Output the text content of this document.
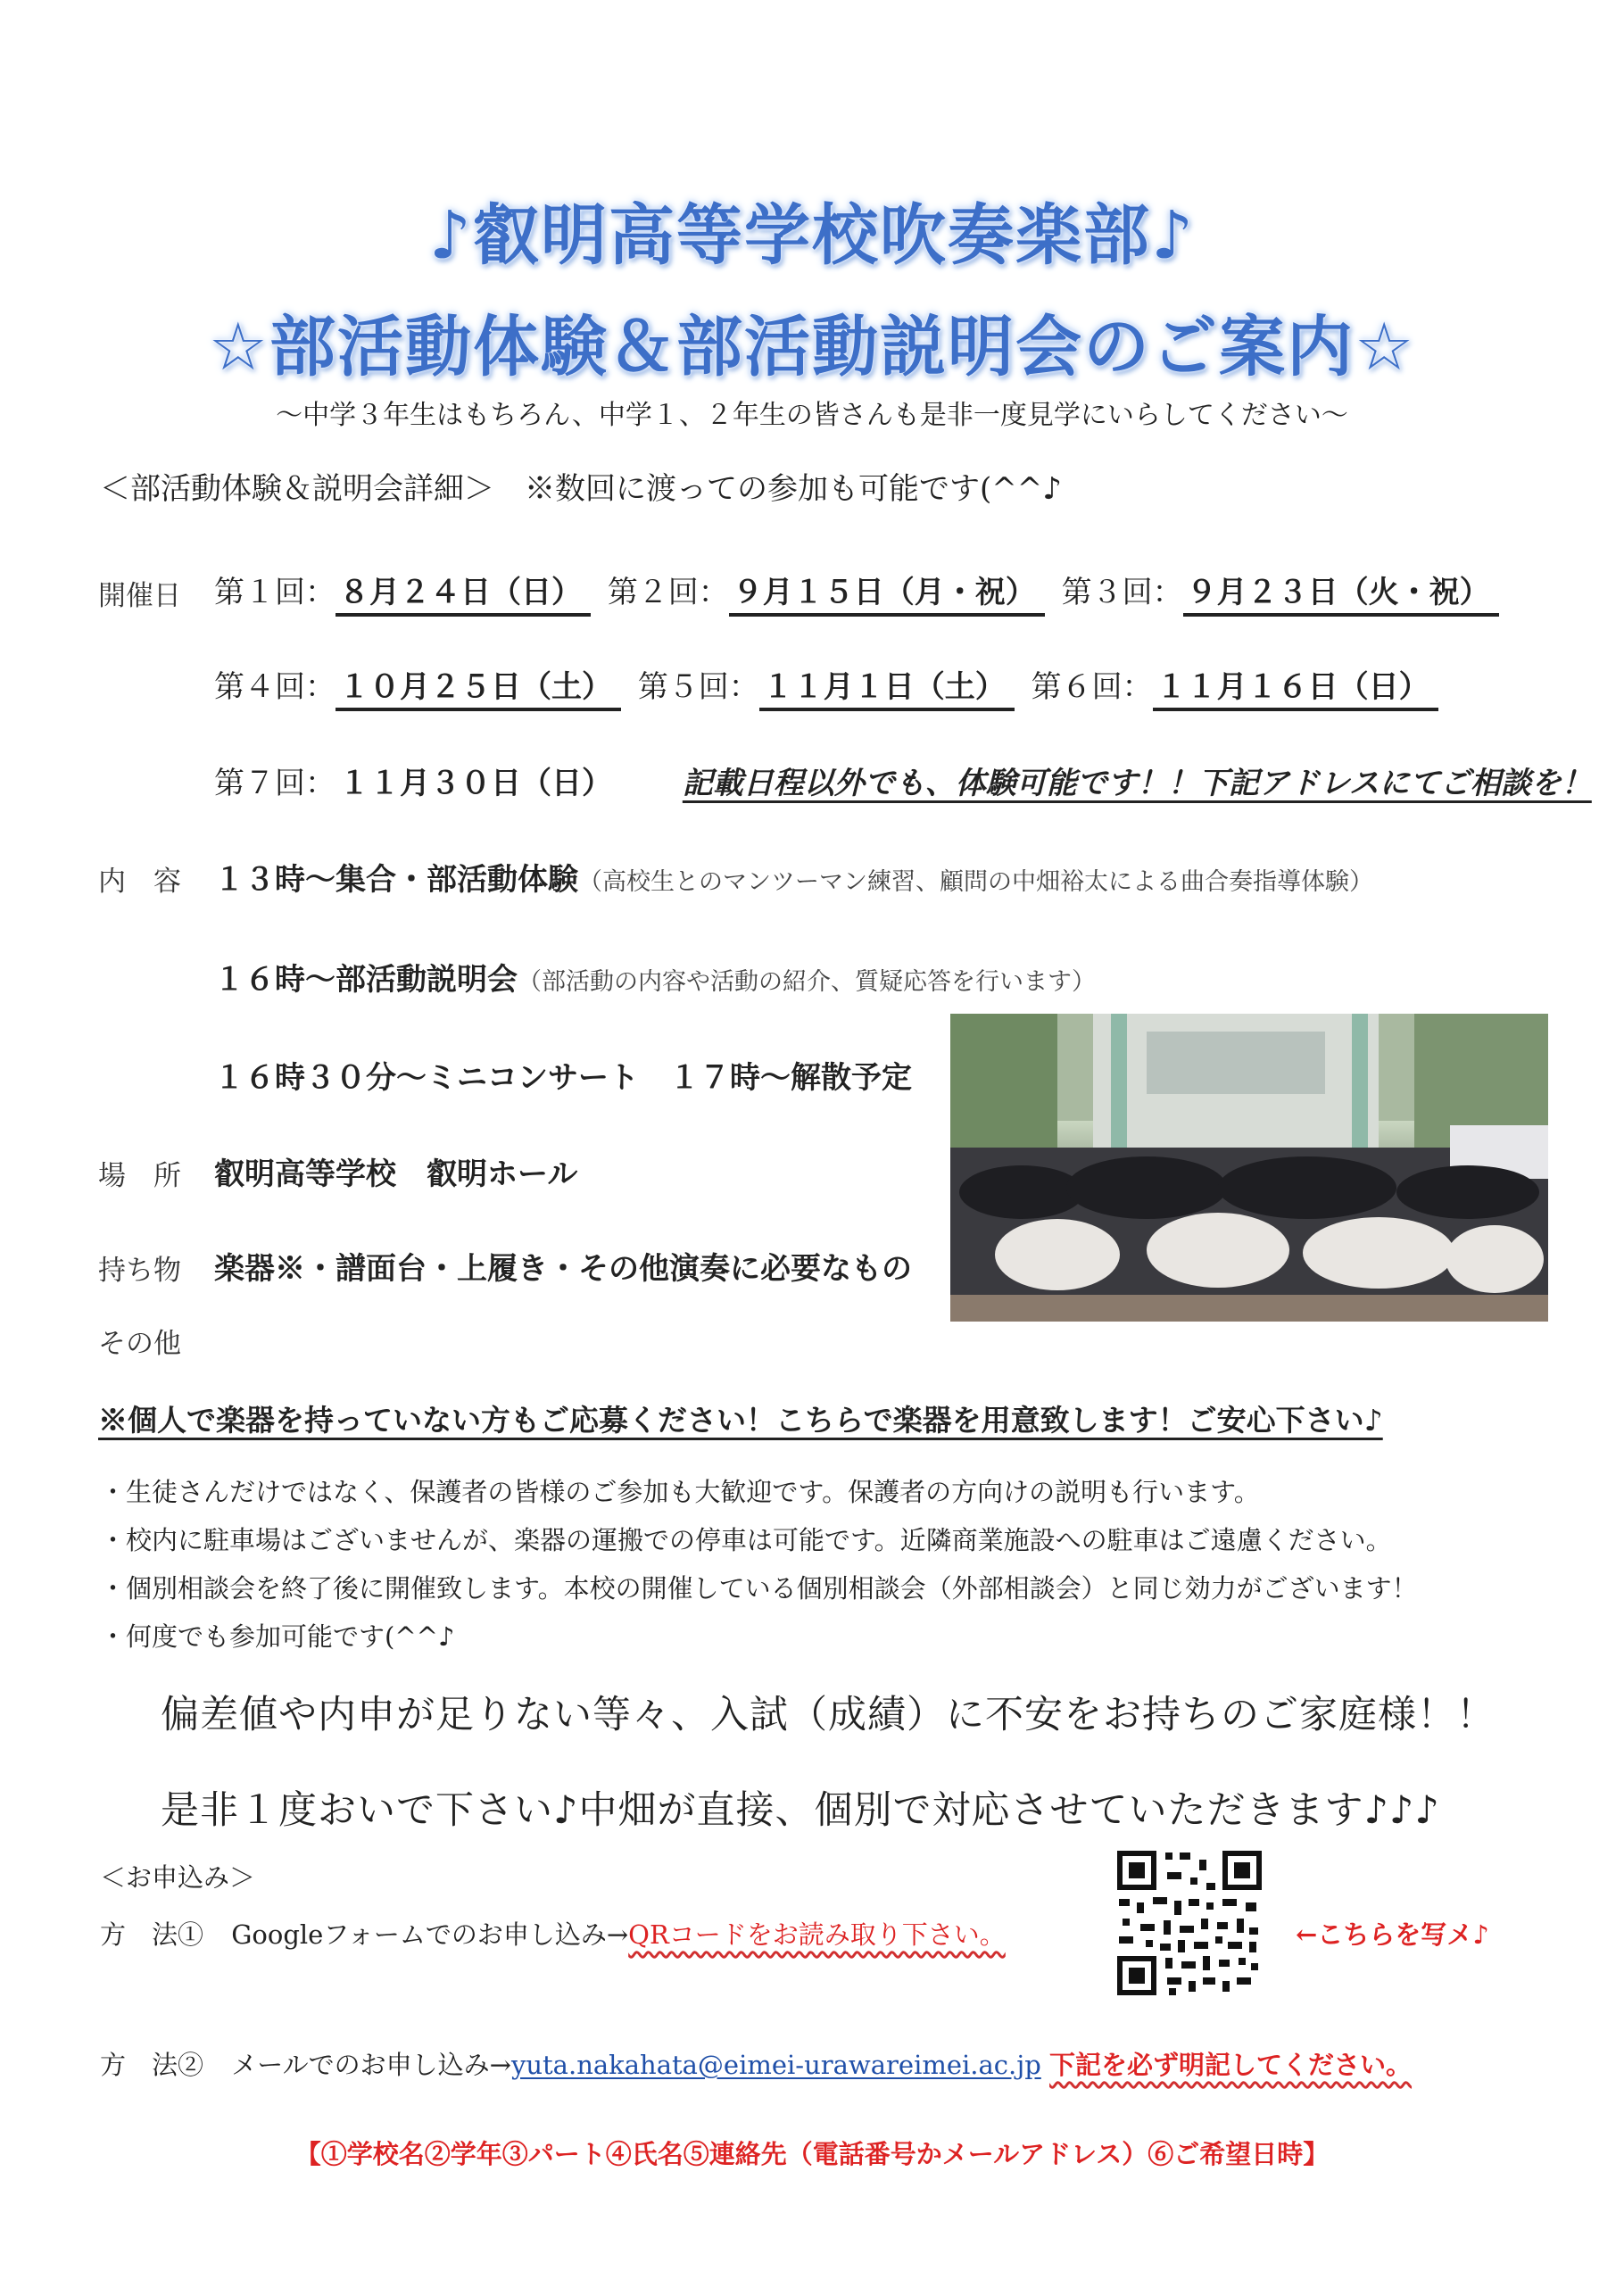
♪叡明高等学校吹奏楽部♪
☆部活動体験＆部活動説明会のご案内☆
～中学３年生はもちろん、中学１、２年生の皆さんも是非一度見学にいらしてください～
＜部活動体験＆説明会詳細＞　※数回に渡っての参加も可能です(^^♪
開催日 第１回： ８月２４日（日） 第２回： ９月１５日（月・祝） 第３回： ９月２３日（火・祝）
第４回： １０月２５日（土） 第５回： １１月１日（土） 第６回： １１月１６日（日）
第７回： １１月３０日（日） 記載日程以外でも、体験可能です！！下記アドレスにてご相談を！
内　容 １３時～集合・部活動体験（高校生とのマンツーマン練習、顧問の中畑裕太による曲合奏指導体験）
１６時～部活動説明会（部活動の内容や活動の紹介、質疑応答を行います）
１６時３０分～ミニコンサート　１７時～解散予定
場　所 叡明高等学校　叡明ホール
持ち物 楽器※・譜面台・上履き・その他演奏に必要なもの
その他
※個人で楽器を持っていない方もご応募ください！こちらで楽器を用意致します！ご安心下さい♪
・生徒さんだけではなく、保護者の皆様のご参加も大歓迎です。保護者の方向けの説明も行います。
・校内に駐車場はございませんが、楽器の運搬での停車は可能です。近隣商業施設への駐車はご遠慮ください。
・個別相談会を終了後に開催致します。本校の開催している個別相談会（外部相談会）と同じ効力がございます！
・何度でも参加可能です(^^♪
偏差値や内申が足りない等々、入試（成績）に不安をお持ちのご家庭様！！
是非１度おいで下さい♪中畑が直接、個別で対応させていただきます♪♪♪
＜お申込み＞
方　法① Googleフォームでのお申し込み→QRコードをお読み取り下さい。	←こちらを写メ♪
方　法② メールでのお申し込み→yuta.nakahata@eimei-urawareimei.ac.jp 下記を必ず明記してください。
【①学校名②学年③パート④氏名⑤連絡先（電話番号かメールアドレス）⑥ご希望日時】
